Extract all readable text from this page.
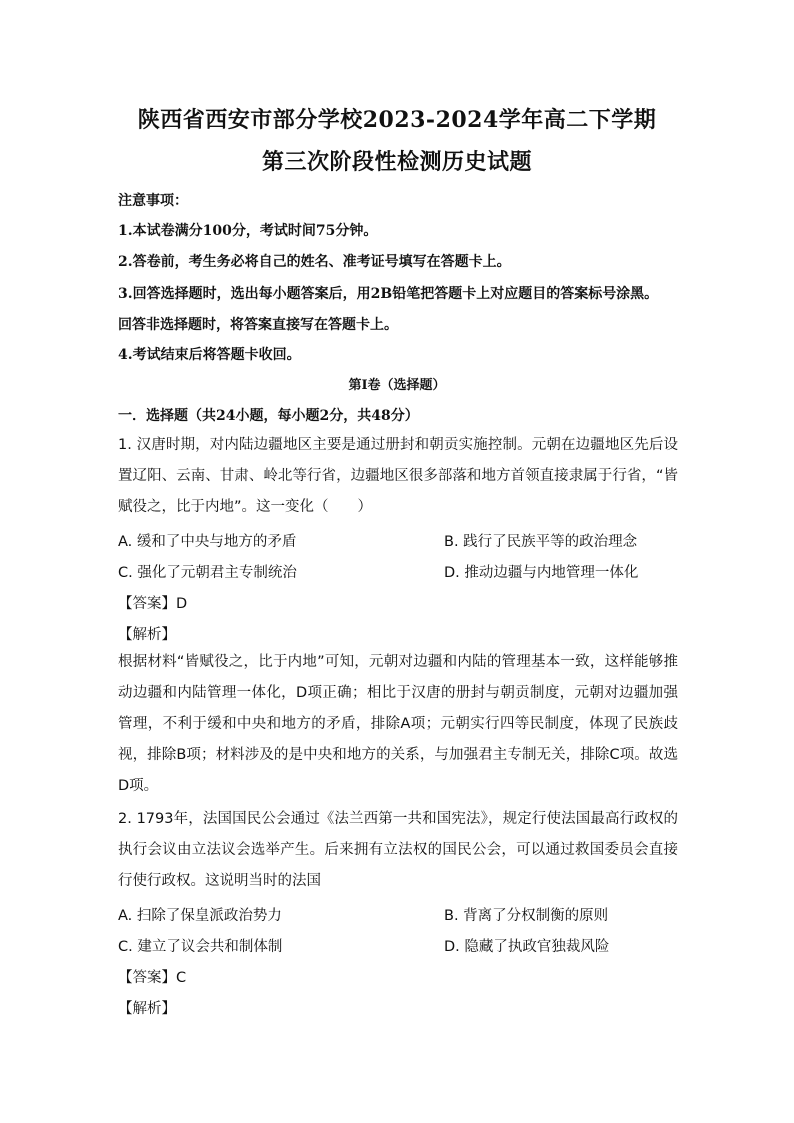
陕西省西安市部分学校2023-2024学年高二下学期
第三次阶段性检测历史试题
注意事项：
1.本试卷满分100分，考试时间75分钟。
2.答卷前，考生务必将自己的姓名、准考证号填写在答题卡上。
3.回答选择题时，选出每小题答案后，用2B铅笔把答题卡上对应题目的答案标号涂黑。
回答非选择题时，将答案直接写在答题卡上。
4.考试结束后将答题卡收回。
第Ⅰ卷（选择题）
一．选择题（共24小题，每小题2分，共48分）
1. 汉唐时期，对内陆边疆地区主要是通过册封和朝贡实施控制。元朝在边疆地区先后设置辽阳、云南、甘肃、岭北等行省，边疆地区很多部落和地方首领直接隶属于行省，“皆赋役之，比于内地”。这一变化（　　）
A. 缓和了中央与地方的矛盾	B. 践行了民族平等的政治理念
C. 强化了元朝君主专制统治	D. 推动边疆与内地管理一体化
【答案】D
【解析】
根据材料“皆赋役之，比于内地”可知，元朝对边疆和内陆的管理基本一致，这样能够推动边疆和内陆管理一体化，D项正确；相比于汉唐的册封与朝贡制度，元朝对边疆加强管理，不利于缓和中央和地方的矛盾，排除A项；元朝实行四等民制度，体现了民族歧视，排除B项；材料涉及的是中央和地方的关系，与加强君主专制无关，排除C项。故选D项。
2. 1793年，法国国民公会通过《法兰西第一共和国宪法》，规定行使法国最高行政权的执行会议由立法议会选举产生。后来拥有立法权的国民公会，可以通过救国委员会直接行使行政权。这说明当时的法国
A. 扫除了保皇派政治势力	B. 背离了分权制衡的原则
C. 建立了议会共和制体制	D. 隐藏了执政官独裁风险
【答案】C
【解析】
